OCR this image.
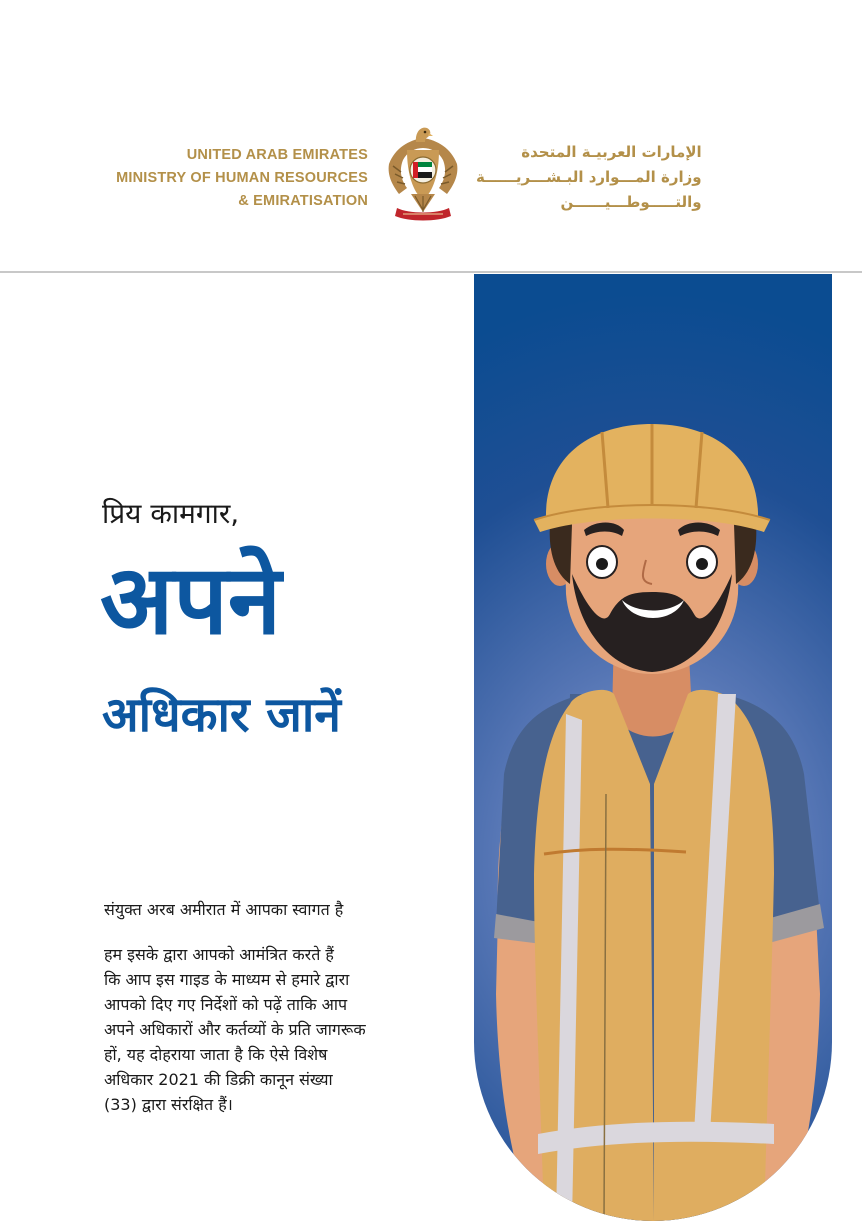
UNITED ARAB EMIRATES
MINISTRY OF HUMAN RESOURCES
& EMIRATISATION
الإمارات العربيـة المتحدة
وزارة المـــوارد البـشـــريــــــة
والتـــــوطـــيــــــن
प्रिय कामगार,
अपने
अधिकार जानें
संयुक्त अरब अमीरात में आपका स्वागत है
हम इसके द्वारा आपको आमंत्रित करते हैं
कि आप इस गाइड के माध्यम से हमारे द्वारा
आपको दिए गए निर्देशों को पढ़ें ताकि आप
अपने अधिकारों और कर्तव्यों के प्रति जागरूक
हों, यह दोहराया जाता है कि ऐसे विशेष
अधिकार 2021 की डिक्री कानून संख्या
(33) द्वारा संरक्षित हैं।
